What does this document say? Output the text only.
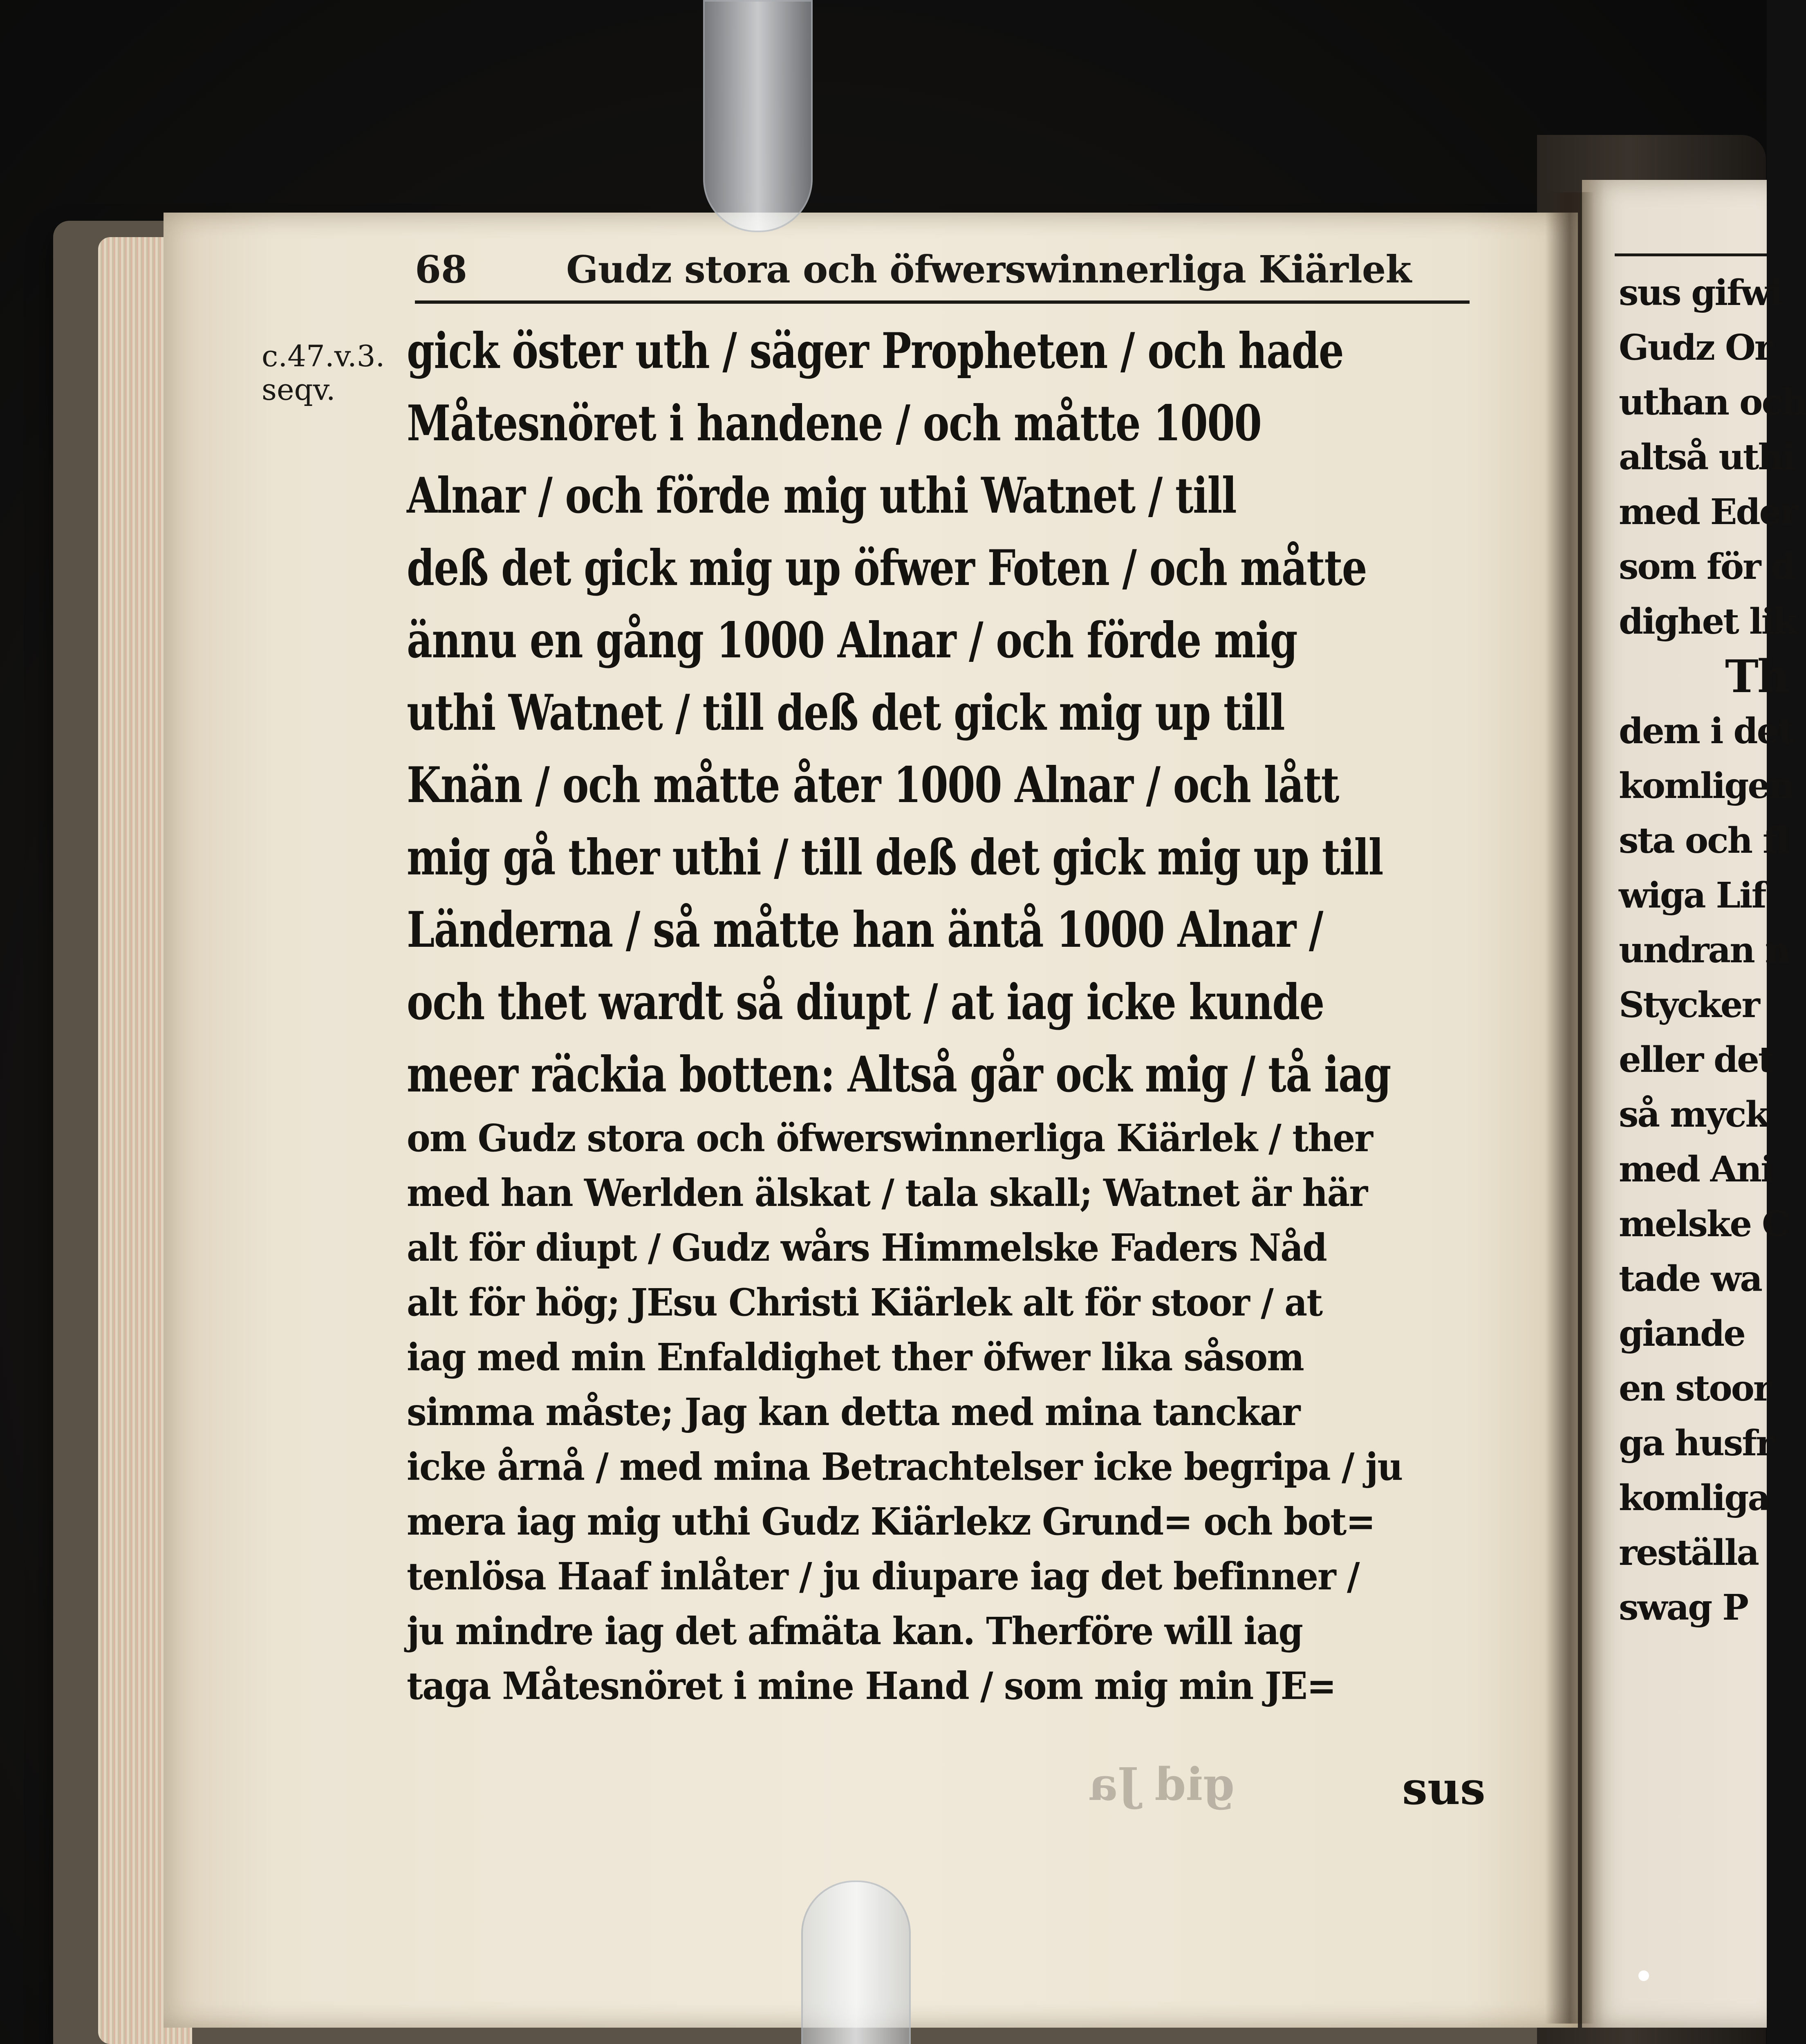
68	Gudz stora och öfwerswinnerliga Kiärlek
c.47.v.3.
seqv.
gick öster uth / säger Propheten / och hade
Måtesnöret i handene / och måtte 1000
Alnar / och förde mig uthi Watnet / till
deß det gick mig up öfwer Foten / och måtte
ännu en gång 1000 Alnar / och förde mig
uthi Watnet / till deß det gick mig up till
Knän / och måtte åter 1000 Alnar / och lått
mig gå ther uthi / till deß det gick mig up till
Länderna / så måtte han äntå 1000 Alnar /
och thet wardt så diupt / at iag icke kunde
meer räckia botten: Altså går ock mig / tå iag
om Gudz stora och öfwerswinnerliga Kiärlek / ther
med han Werlden älskat / tala skall; Watnet är här
alt för diupt / Gudz wårs Himmelske Faders Nåd
alt för hög; JEsu Christi Kiärlek alt för stoor / at
iag med min Enfaldighet ther öfwer lika såsom
simma måste; Jag kan detta med mina tanckar
icke årnå / med mina Betrachtelser icke begripa / ju
mera iag mig uthi Gudz Kiärlekz Grund= och bot=
tenlösa Haaf inlåter / ju diupare iag det befinner /
ju mindre iag det afmäta kan. Therföre will iag
taga Måtesnöret i mine Hand / som mig min JE=
gid Ja	sus
sus gifwi
Gudz Or
uthan och
altså uthi
med Eder
som för d
dighet lik
Th
dem i det
komligen
sta och fl
wiga Lif
undran n
Stycker
eller det
så myck
med Ani
melske C
tade wa
giande
en stoor
ga husfr
komliga
reställa
swag P
